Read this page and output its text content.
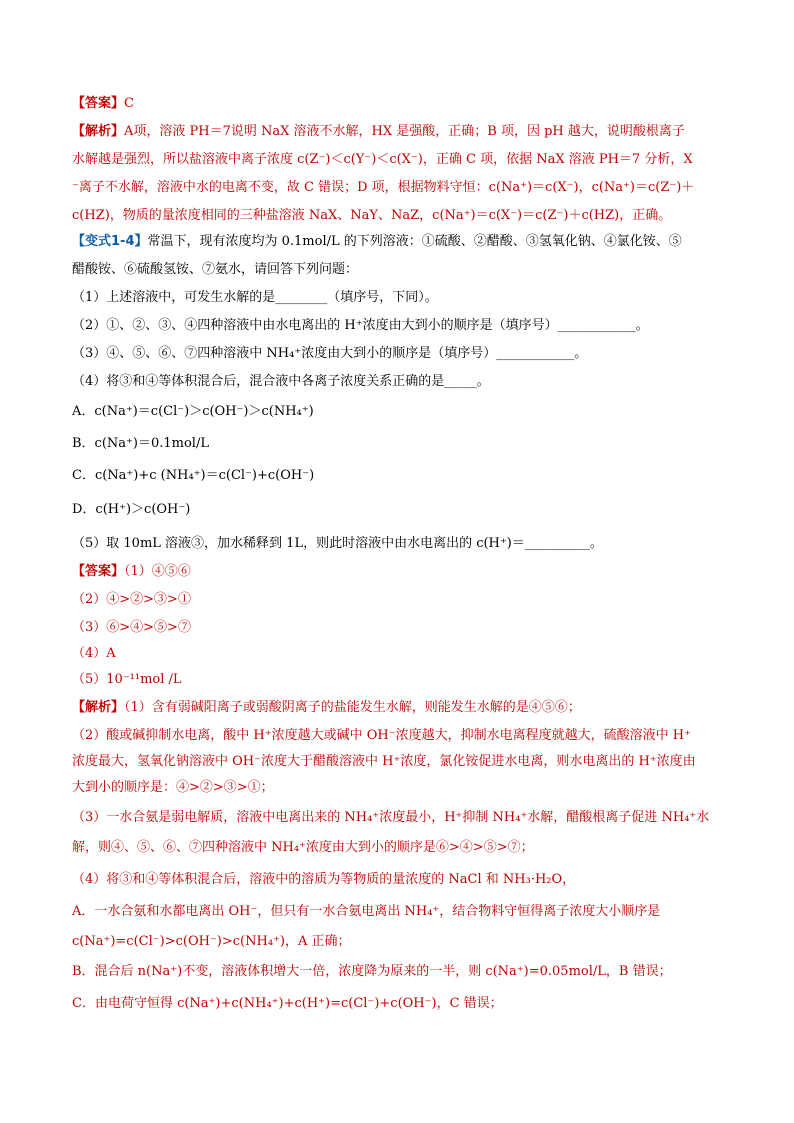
【答案】C
【解析】A项，溶液 PH＝7说明 NaX 溶液不水解，HX 是强酸，正确；B 项，因 pH 越大，说明酸根离子
水解越是强烈，所以盐溶液中离子浓度 c(Z⁻)＜c(Y⁻)＜c(X⁻)，正确 C 项，依据 NaX 溶液 PH＝7 分析，X
⁻离子不水解，溶液中水的电离不变，故 C 错误；D 项，根据物料守恒：c(Na⁺)＝c(X⁻)，c(Na⁺)＝c(Z⁻)＋
c(HZ)，物质的量浓度相同的三种盐溶液 NaX、NaY、NaZ，c(Na⁺)＝c(X⁻)＝c(Z⁻)＋c(HZ)，正确。
【变式1-4】常温下，现有浓度均为 0.1mol/L 的下列溶液：①硫酸、②醋酸、③氢氧化钠、④氯化铵、⑤
醋酸铵、⑥硫酸氢铵、⑦氨水，请回答下列问题：
（1）上述溶液中，可发生水解的是________（填序号，下同）。
（2）①、②、③、④四种溶液中由水电离出的 H⁺浓度由大到小的顺序是（填序号）____________。
（3）④、⑤、⑥、⑦四种溶液中 NH₄⁺浓度由大到小的顺序是（填序号）____________。
（4）将③和④等体积混合后，混合液中各离子浓度关系正确的是_____。
A．c(Na⁺)＝c(Cl⁻)＞c(OH⁻)＞c(NH₄⁺)
B．c(Na⁺)＝0.1mol/L
C．c(Na⁺)+c (NH₄⁺)＝c(Cl⁻)+c(OH⁻)
D．c(H⁺)＞c(OH⁻)
（5）取 10mL 溶液③，加水稀释到 1L，则此时溶液中由水电离出的 c(H⁺)＝__________。
【答案】（1）④⑤⑥
（2）④>②>③>①
（3）⑥>④>⑤>⑦
（4）A
（5）10⁻¹¹mol /L
【解析】（1）含有弱碱阳离子或弱酸阴离子的盐能发生水解，则能发生水解的是④⑤⑥；
（2）酸或碱抑制水电离，酸中 H⁺浓度越大或碱中 OH⁻浓度越大，抑制水电离程度就越大，硫酸溶液中 H⁺
浓度最大，氢氧化钠溶液中 OH⁻浓度大于醋酸溶液中 H⁺浓度，氯化铵促进水电离，则水电离出的 H⁺浓度由
大到小的顺序是：④>②>③>①；
（3）一水合氨是弱电解质，溶液中电离出来的 NH₄⁺浓度最小，H⁺抑制 NH₄⁺水解，醋酸根离子促进 NH₄⁺水
解，则④、⑤、⑥、⑦四种溶液中 NH₄⁺浓度由大到小的顺序是⑥>④>⑤>⑦；
（4）将③和④等体积混合后，溶液中的溶质为等物质的量浓度的 NaCl 和 NH₃·H₂O，
A．一水合氨和水都电离出 OH⁻，但只有一水合氨电离出 NH₄⁺，结合物料守恒得离子浓度大小顺序是
c(Na⁺)=c(Cl⁻)>c(OH⁻)>c(NH₄⁺)，A 正确；
B．混合后 n(Na⁺)不变，溶液体积增大一倍，浓度降为原来的一半，则 c(Na⁺)=0.05mol/L，B 错误；
C．由电荷守恒得 c(Na⁺)+c(NH₄⁺)+c(H⁺)=c(Cl⁻)+c(OH⁻)，C 错误；
